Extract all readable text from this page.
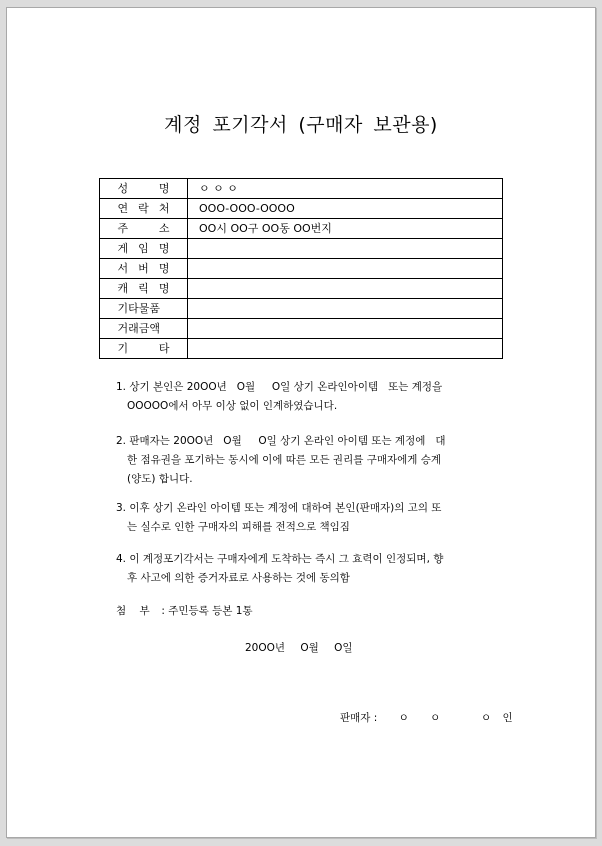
계정 포기각서 (구매자 보관용)
성 명	ㅇ ㅇ ㅇ
연 락 처	OOO-OOO-OOOO
주 소	OO시 OO구 OO동 OO번지
게 임 명	
서 버 명	
캐 릭 명	
기타물품	
거래금액	
기 타	
1. 상기 본인은 20OO년   O월     O일 상기 온라인아이템   또는 계정을
OOOOO에서 아무 이상 없이 인계하였습니다.
2. 판매자는 20OO년   O월     O일 상기 온라인 아이템 또는 계정에   대
한 점유권을 포기하는 동시에 이에 따른 모든 권리를 구매자에게 승계
(양도) 합니다.
3. 이후 상기 온라인 아이템 또는 계정에 대하여 본인(판매자)의 고의 또
는 실수로 인한 구매자의 피해를 전적으로 책임짐
4. 이 계정포기각서는 구매자에게 도착하는 즉시 그 효력이 인정되며, 향
후 사고에 의한 증거자료로 사용하는 것에 동의함
첨    부 : 주민등록 등본 1통
20OO년 O월 O일
판매자 : ㅇ ㅇ  ㅇ 인
